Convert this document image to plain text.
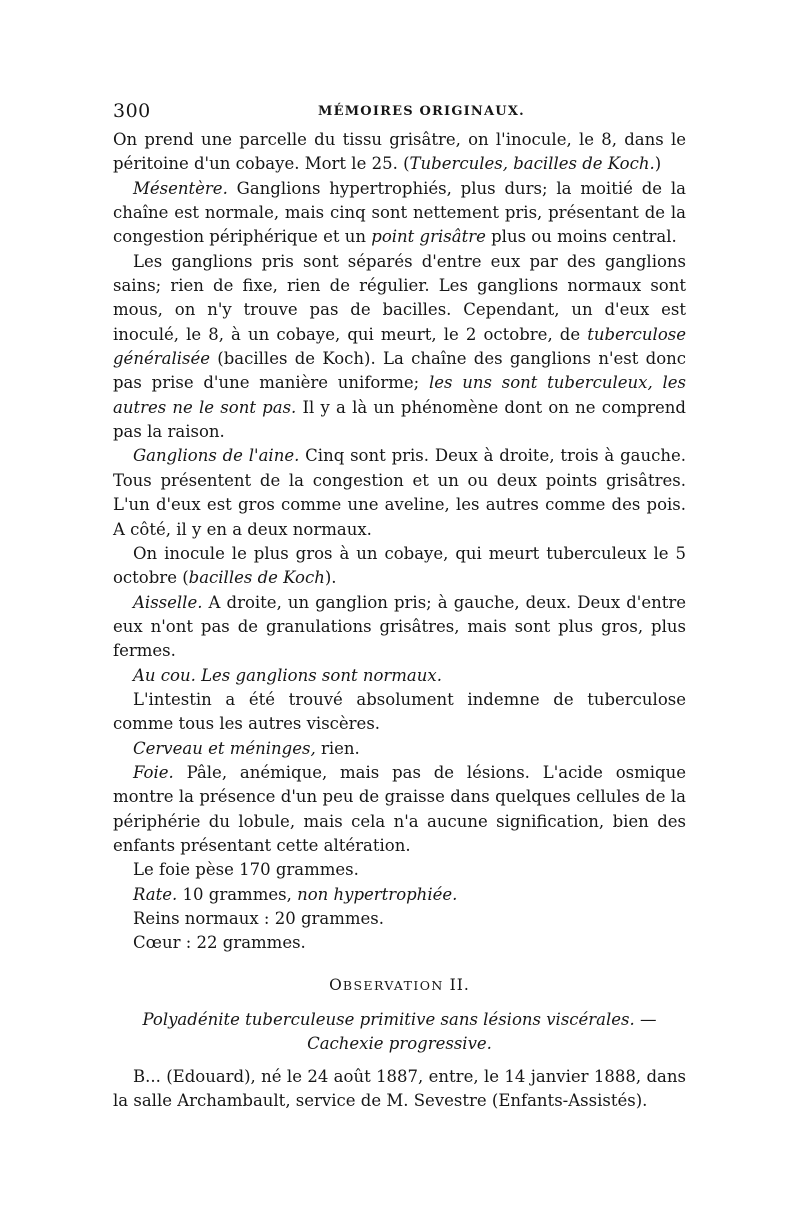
300	MÉMOIRES ORIGINAUX.

On prend une parcelle du tissu grisâtre, on l'inocule, le 8, dans le péritoine d'un cobaye. Mort le 25. (Tubercules, bacilles de Koch.)

Mésentère. Ganglions hypertrophiés, plus durs; la moitié de la chaîne est normale, mais cinq sont nettement pris, présentant de la congestion périphérique et un point grisâtre plus ou moins central.

Les ganglions pris sont séparés d'entre eux par des ganglions sains; rien de fixe, rien de régulier. Les ganglions normaux sont mous, on n'y trouve pas de bacilles. Cependant, un d'eux est inoculé, le 8, à un cobaye, qui meurt, le 2 octobre, de tuberculose généralisée (bacilles de Koch). La chaîne des ganglions n'est donc pas prise d'une manière uniforme; les uns sont tuberculeux, les autres ne le sont pas. Il y a là un phénomène dont on ne comprend pas la raison.

Ganglions de l'aine. Cinq sont pris. Deux à droite, trois à gauche. Tous présentent de la congestion et un ou deux points grisâtres. L'un d'eux est gros comme une aveline, les autres comme des pois. A côté, il y en a deux normaux.

On inocule le plus gros à un cobaye, qui meurt tuberculeux le 5 octobre (bacilles de Koch).

Aisselle. A droite, un ganglion pris; à gauche, deux. Deux d'entre eux n'ont pas de granulations grisâtres, mais sont plus gros, plus fermes.

Au cou. Les ganglions sont normaux.

L'intestin a été trouvé absolument indemne de tuberculose comme tous les autres viscères.

Cerveau et méninges, rien.

Foie. Pâle, anémique, mais pas de lésions. L'acide osmique montre la présence d'un peu de graisse dans quelques cellules de la périphérie du lobule, mais cela n'a aucune signification, bien des enfants présentant cette altération.

Le foie pèse 170 grammes.

Rate. 10 grammes, non hypertrophiée.

Reins normaux : 20 grammes.

Cœur : 22 grammes.

OBSERVATION II.

Polyadénite tuberculeuse primitive sans lésions viscérales. — Cachexie progressive.

B... (Edouard), né le 24 août 1887, entre, le 14 janvier 1888, dans la salle Archambault, service de M. Sevestre (Enfants-Assistés).
